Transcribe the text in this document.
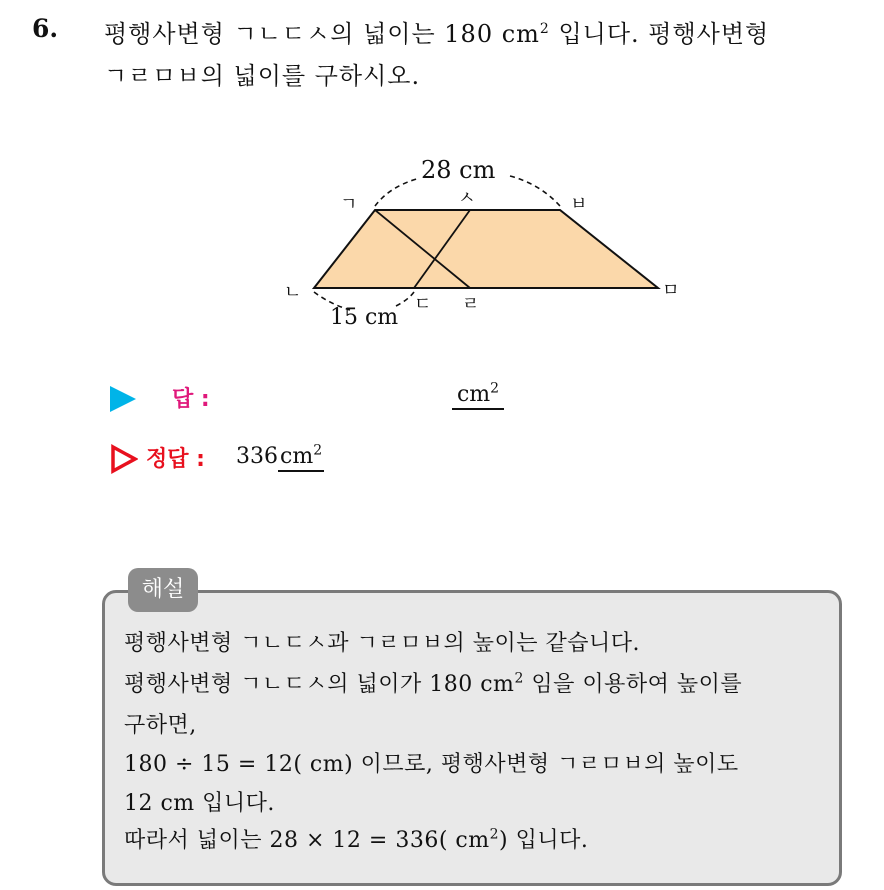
6. 평행사변형 ㄱㄴㄷㅅ의 넓이는 180 $cm^2$ 입니다. 평행사변형
ㄱㄹㅁㅂ의 넓이를 구하시오.
28 cm
15 cm
ㄱ	ㅅ	ㅂ
ㄴ
ㄷ ㄹ
ㅁ
답 :	$cm^2$
정답 : $336cm^2$
해설
평행사변형 ㄱㄴㄷㅅ과 ㄱㄹㅁㅂ의 높이는 같습니다.
평행사변형 ㄱㄴㄷㅅ의 넓이가 180 $cm^2$ 임을 이용하여 높이를
구하면,
180 ÷ 15 = 12( cm) 이므로, 평행사변형 ㄱㄹㅁㅂ의 높이도
12 cm 입니다.
따라서 넓이는 28 × 12 = 336( $cm^2$) 입니다.
